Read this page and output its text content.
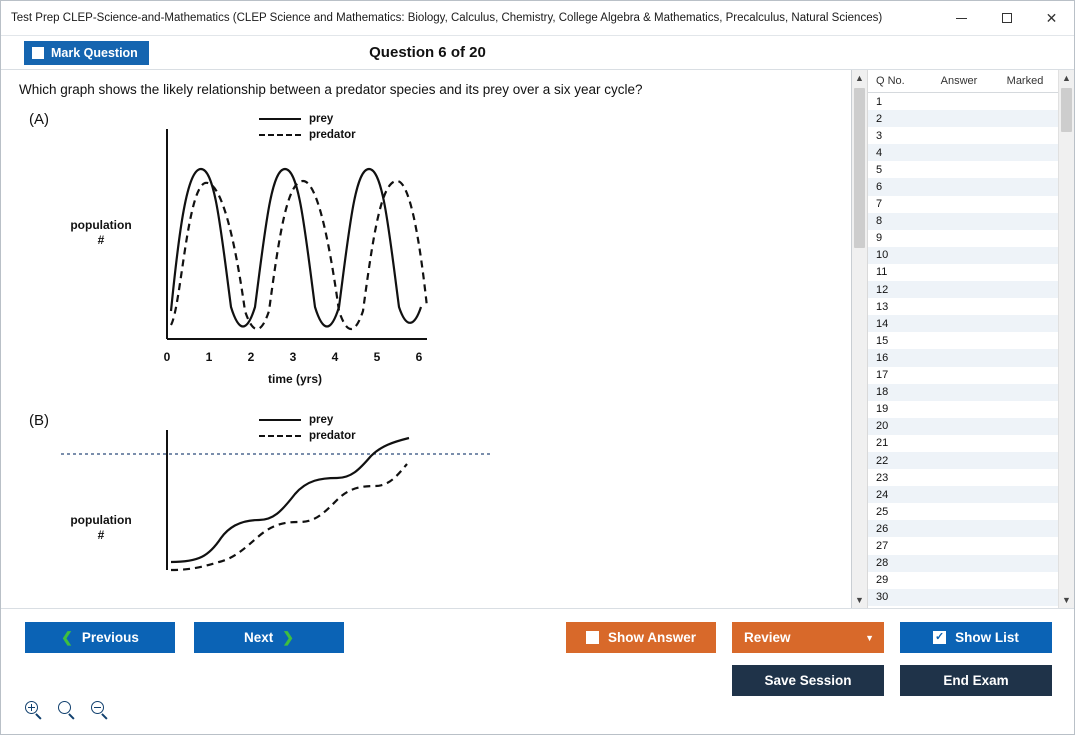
Test Prep CLEP-Science-and-Mathematics (CLEP Science and Mathematics: Biology, Calculus, Chemistry, College Algebra & Mathematics, Precalculus, Natural Sciences)	✕
Mark Question	Question 6 of 20

Which graph shows the likely relationship between a predator species and its prey over a six year cycle?

(A)	prey
predator
0	1	2	3	4	5	6
time (yrs)
population
#
(B)	prey
predator
population
#
▲
▼
Q No.	Answer	Marked
1
2
3
4
5
6
7
8
9
10
11
12
13
14
15
16
17
18
19
20
21
22
23
24
25
26
27
28
29
30
▲
▼
❮ Previous	Next ❯	Show Answer	Review	▼	✓ Show List
Save Session	End Exam
